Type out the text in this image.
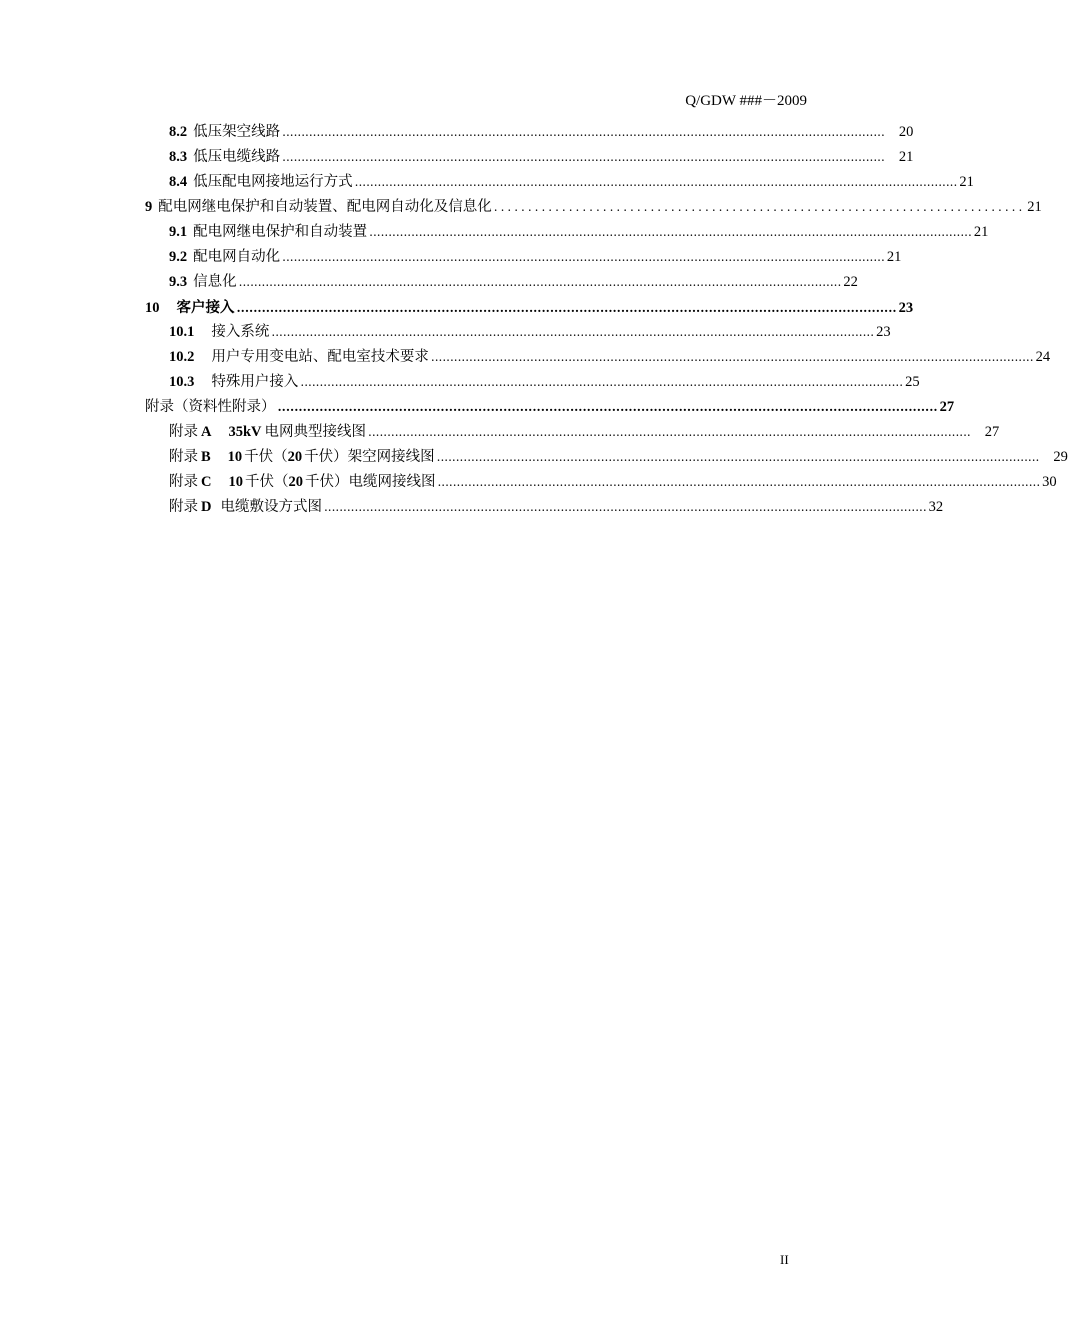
Q/GDW ###－2009
8.2 低压架空线路 .............................................................................................................................................................. 20
8.3 低压电缆线路 .............................................................................................................................................................. 21
8.4 低压配电网接地运行方式 .............................................................................................................................................................. 21
9 配电网继电保护和自动装置、配电网自动化及信息化 .............................................................................. 21
9.1 配电网继电保护和自动装置 .............................................................................................................................................................. 21
9.2 配电网自动化 .............................................................................................................................................................. 21
9.3 信息化 .............................................................................................................................................................. 22
10 客户接入 .............................................................................................................................................................. 23
10.1 接入系统 .............................................................................................................................................................. 23
10.2 用户专用变电站、配电室技术要求 .............................................................................................................................................................. 24
10.3 特殊用户接入 .............................................................................................................................................................. 25
附录（资料性附录） .............................................................................................................................................................. 27
附录 A 35kV 电网典型接线图 .............................................................................................................................................................. 27
附录 B 10 千伏（ 20 千伏）架空网接线图 .............................................................................................................................................................. 29
附录 C 10 千伏（ 20 千伏）电缆网接线图 .............................................................................................................................................................. 30
附录 D 电缆敷设方式图 .............................................................................................................................................................. 32
II
